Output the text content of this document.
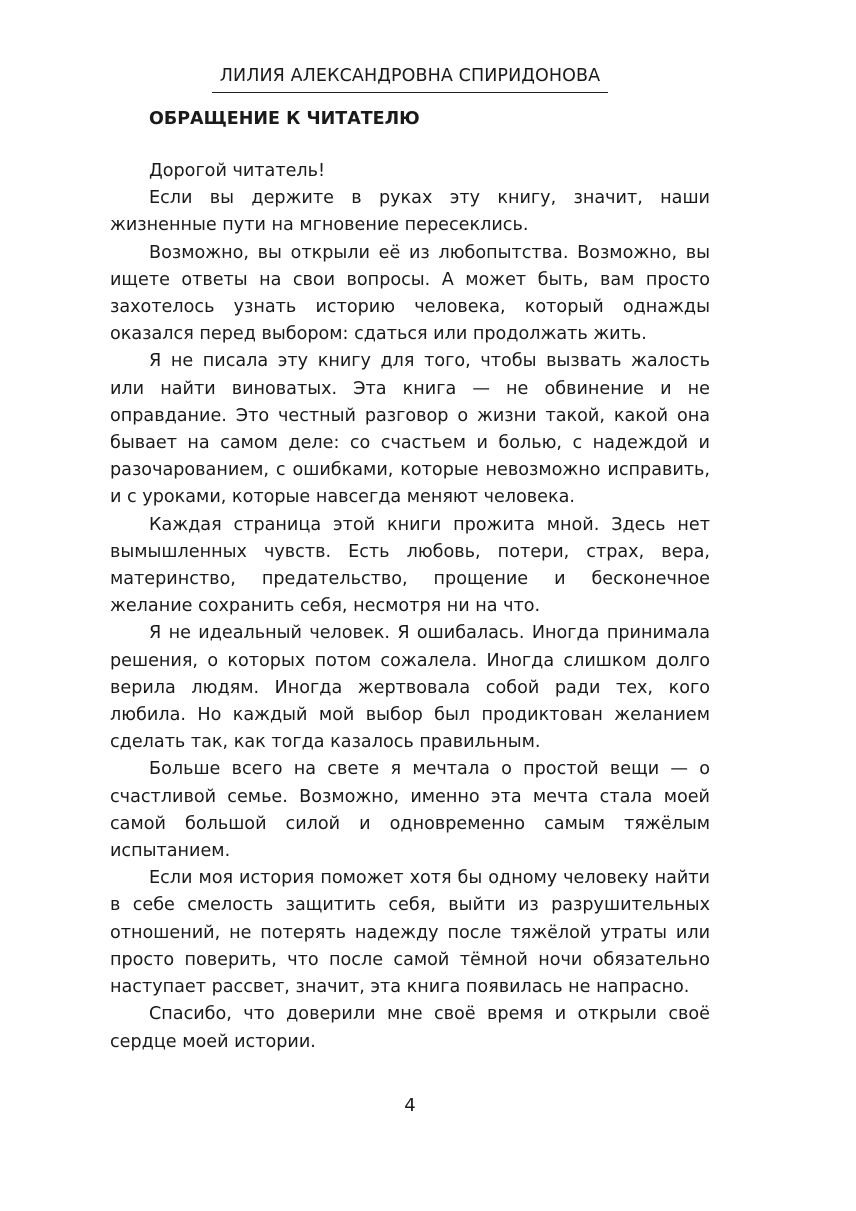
ЛИЛИЯ АЛЕКСАНДРОВНА СПИРИДОНОВА
ОБРАЩЕНИЕ К ЧИТАТЕЛЮ

Дорогой читатель!

Если вы держите в руках эту книгу, значит, наши жизненные пути на мгновение пересеклись.

Возможно, вы открыли её из любопытства. Возможно, вы ищете ответы на свои вопросы. А может быть, вам просто захотелось узнать историю человека, который однажды оказался перед выбором: сдаться или продолжать жить.

Я не писала эту книгу для того, чтобы вызвать жалость или найти виноватых. Эта книга — не обвинение и не оправдание. Это честный разговор о жизни такой, какой она бывает на самом деле: со счастьем и болью, с надеждой и разочарованием, с ошибками, которые невозможно исправить, и с уроками, которые навсегда меняют человека.

Каждая страница этой книги прожита мной. Здесь нет вымышленных чувств. Есть любовь, потери, страх, вера, материнство, предательство, прощение и бесконечное желание сохранить себя, несмотря ни на что.

Я не идеальный человек. Я ошибалась. Иногда принимала решения, о которых потом сожалела. Иногда слишком долго верила людям. Иногда жертвовала собой ради тех, кого любила. Но каждый мой выбор был продиктован желанием сделать так, как тогда казалось правильным.

Больше всего на свете я мечтала о простой вещи — о счастливой семье. Возможно, именно эта мечта стала моей самой большой силой и одновременно самым тяжёлым испытанием.

Если моя история поможет хотя бы одному человеку найти в себе смелость защитить себя, выйти из разрушительных отношений, не потерять надежду после тяжёлой утраты или просто поверить, что после самой тёмной ночи обязательно наступает рассвет, значит, эта книга появилась не напрасно.

Спасибо, что доверили мне своё время и открыли своё сердце моей истории.

4
